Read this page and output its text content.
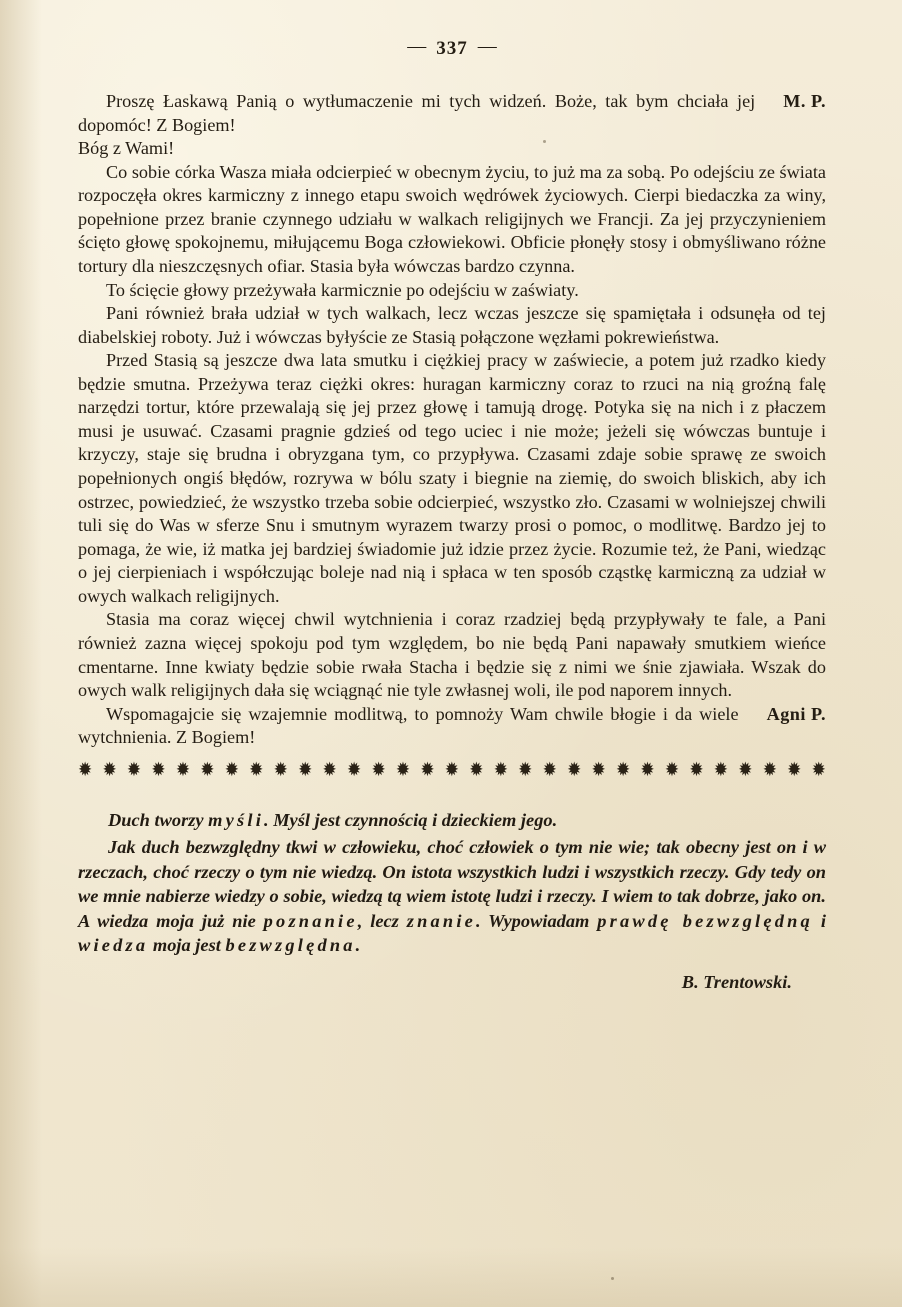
— 337 —

M. P.
Proszę Łaskawą Panią o wytłumaczenie mi tych widzeń. Boże, tak bym chciała jej dopomóc! Z Bogiem!

Bóg z Wami!

Co sobie córka Wasza miała odcierpieć w obecnym życiu, to już ma za sobą. Po odejściu ze świata rozpoczęła okres karmiczny z innego etapu swoich wędrówek życiowych. Cierpi biedaczka za winy, popełnione przez branie czynnego udziału w walkach religijnych we Francji. Za jej przyczynieniem ścięto głowę spokojnemu, miłującemu Boga człowiekowi. Obficie płonęły stosy i obmyśliwano różne tortury dla nieszczęsnych ofiar. Stasia była wówczas bardzo czynna.

To ścięcie głowy przeżywała karmicznie po odejściu w zaświaty.

Pani również brała udział w tych walkach, lecz wczas jeszcze się spamiętała i odsunęła od tej diabelskiej roboty. Już i wówczas byłyście ze Stasią połączone węzłami pokrewieństwa.

Przed Stasią są jeszcze dwa lata smutku i ciężkiej pracy w zaświecie, a potem już rzadko kiedy będzie smutna. Przeżywa teraz ciężki okres: huragan karmiczny coraz to rzuci na nią groźną falę narzędzi tortur, które przewalają się jej przez głowę i tamują drogę. Potyka się na nich i z płaczem musi je usuwać. Czasami pragnie gdzieś od tego uciec i nie może; jeżeli się wówczas buntuje i krzyczy, staje się brudna i obryzgana tym, co przypływa. Czasami zdaje sobie sprawę ze swoich popełnionych ongiś błędów, rozrywa w bólu szaty i biegnie na ziemię, do swoich bliskich, aby ich ostrzec, powiedzieć, że wszystko trzeba sobie odcierpieć, wszystko zło. Czasami w wolniejszej chwili tuli się do Was w sferze Snu i smutnym wyrazem twarzy prosi o pomoc, o modlitwę. Bardzo jej to pomaga, że wie, iż matka jej bardziej świadomie już idzie przez życie. Rozumie też, że Pani, wiedząc o jej cierpieniach i współczując boleje nad nią i spłaca w ten sposób cząstkę karmiczną za udział w owych walkach religijnych.

Stasia ma coraz więcej chwil wytchnienia i coraz rzadziej będą przypływały te fale, a Pani również zazna więcej spokoju pod tym względem, bo nie będą Pani napawały smutkiem wieńce cmentarne. Inne kwiaty będzie sobie rwała Stacha i będzie się z nimi we śnie zjawiała. Wszak do owych walk religijnych dała się wciągnąć nie tyle zwłasnej woli, ile pod naporem innych.

Agni P.
Wspomagajcie się wzajemnie modlitwą, to pomnoży Wam chwile błogie i da wiele wytchnienia. Z Bogiem!

✹ ✹ ✹ ✹ ✹ ✹ ✹ ✹ ✹ ✹ ✹ ✹ ✹ ✹ ✹ ✹ ✹ ✹ ✹ ✹ ✹ ✹ ✹ ✹ ✹ ✹ ✹ ✹ ✹ ✹ ✹

Duch tworzy myśli. Myśl jest czynnością i dzieckiem jego.

Jak duch bezwzględny tkwi w człowieku, choć człowiek o tym nie wie; tak obecny jest on i w rzeczach, choć rzeczy o tym nie wiedzą. On istota wszystkich ludzi i wszystkich rzeczy. Gdy tedy on we mnie nabierze wiedzy o sobie, wiedzą tą wiem istotę ludzi i rzeczy. I wiem to tak dobrze, jako on. A wiedza moja już nie poznanie, lecz znanie. Wypowiadam prawdę bezwzględną i wiedza moja jest bezwzględna.

B. Trentowski.
